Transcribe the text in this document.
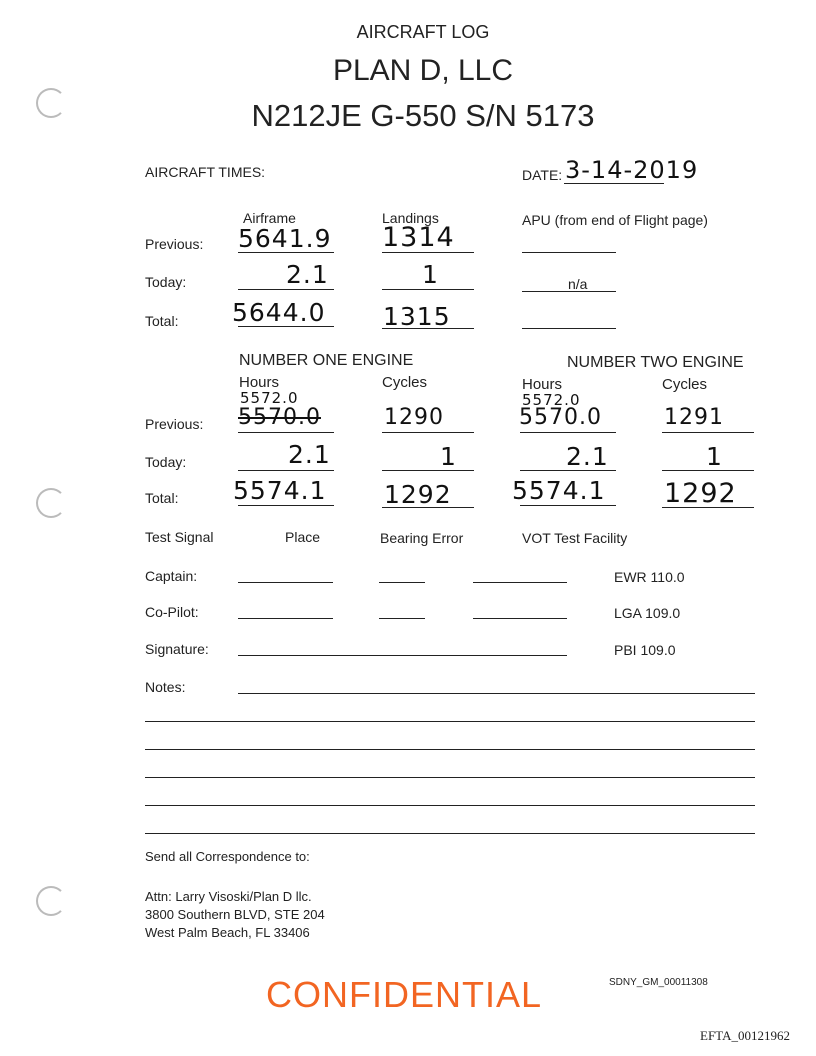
AIRCRAFT LOG
PLAN D, LLC
N212JE G-550 S/N 5173
AIRCRAFT TIMES:	DATE: 3-14-2019
Airframe	Landings	APU (from end of Flight page)
Previous: 5641.9 1314
Today:	2.1	1	n/a
Total: 5644.0 1315
NUMBER ONE ENGINE	NUMBER TWO ENGINE
Hours	Cycles	Hours	Cycles
5572.0	5572.0
Previous: 5570.0	1290	5570.0	1291
Today:	2.1	1	2.1	1
Total: 5574.1 1292 5574.1 1292
Test Signal	Place	Bearing Error	VOT Test Facility
Captain:	EWR 110.0
Co-Pilot:	LGA 109.0
Signature:	PBI 109.0
Notes:
Send all Correspondence to:
Attn: Larry Visoski/Plan D llc.
3800 Southern BLVD, STE 204
West Palm Beach, FL 33406
CONFIDENTIAL	SDNY_GM_00011308
EFTA_00121962
